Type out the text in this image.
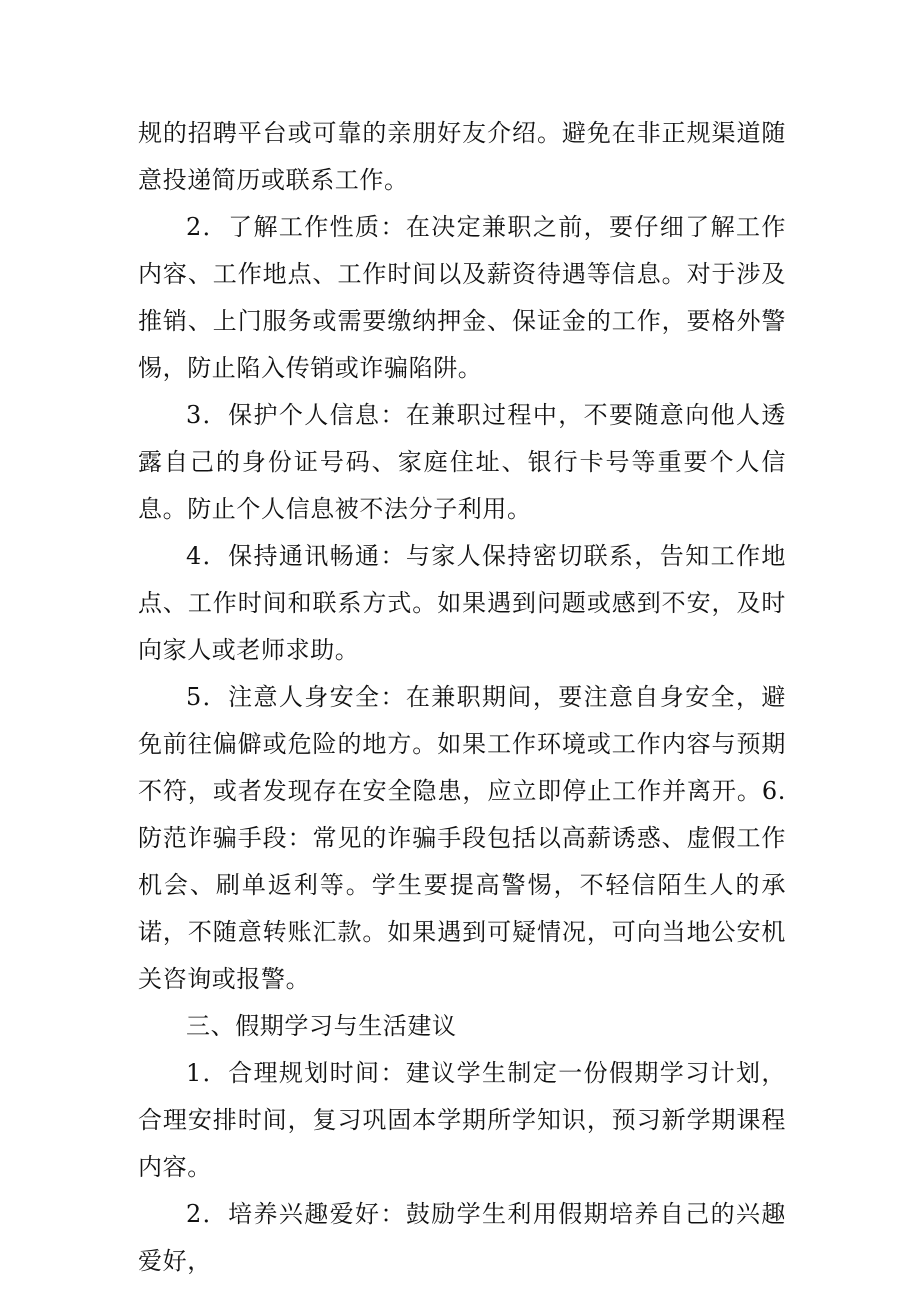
规的招聘平台或可靠的亲朋好友介绍。避免在非正规渠道随意投递简历或联系工作。

2．了解工作性质：在决定兼职之前，要仔细了解工作内容、工作地点、工作时间以及薪资待遇等信息。对于涉及推销、上门服务或需要缴纳押金、保证金的工作，要格外警惕，防止陷入传销或诈骗陷阱。

3．保护个人信息：在兼职过程中，不要随意向他人透露自己的身份证号码、家庭住址、银行卡号等重要个人信息。防止个人信息被不法分子利用。

4．保持通讯畅通：与家人保持密切联系，告知工作地点、工作时间和联系方式。如果遇到问题或感到不安，及时向家人或老师求助。

5．注意人身安全：在兼职期间，要注意自身安全，避免前往偏僻或危险的地方。如果工作环境或工作内容与预期不符，或者发现存在安全隐患，应立即停止工作并离开。6.防范诈骗手段：常见的诈骗手段包括以高薪诱惑、虚假工作机会、刷单返利等。学生要提高警惕，不轻信陌生人的承诺，不随意转账汇款。如果遇到可疑情况，可向当地公安机关咨询或报警。

三、假期学习与生活建议

1．合理规划时间：建议学生制定一份假期学习计划，合理安排时间，复习巩固本学期所学知识，预习新学期课程内容。

2．培养兴趣爱好：鼓励学生利用假期培养自己的兴趣爱好，
